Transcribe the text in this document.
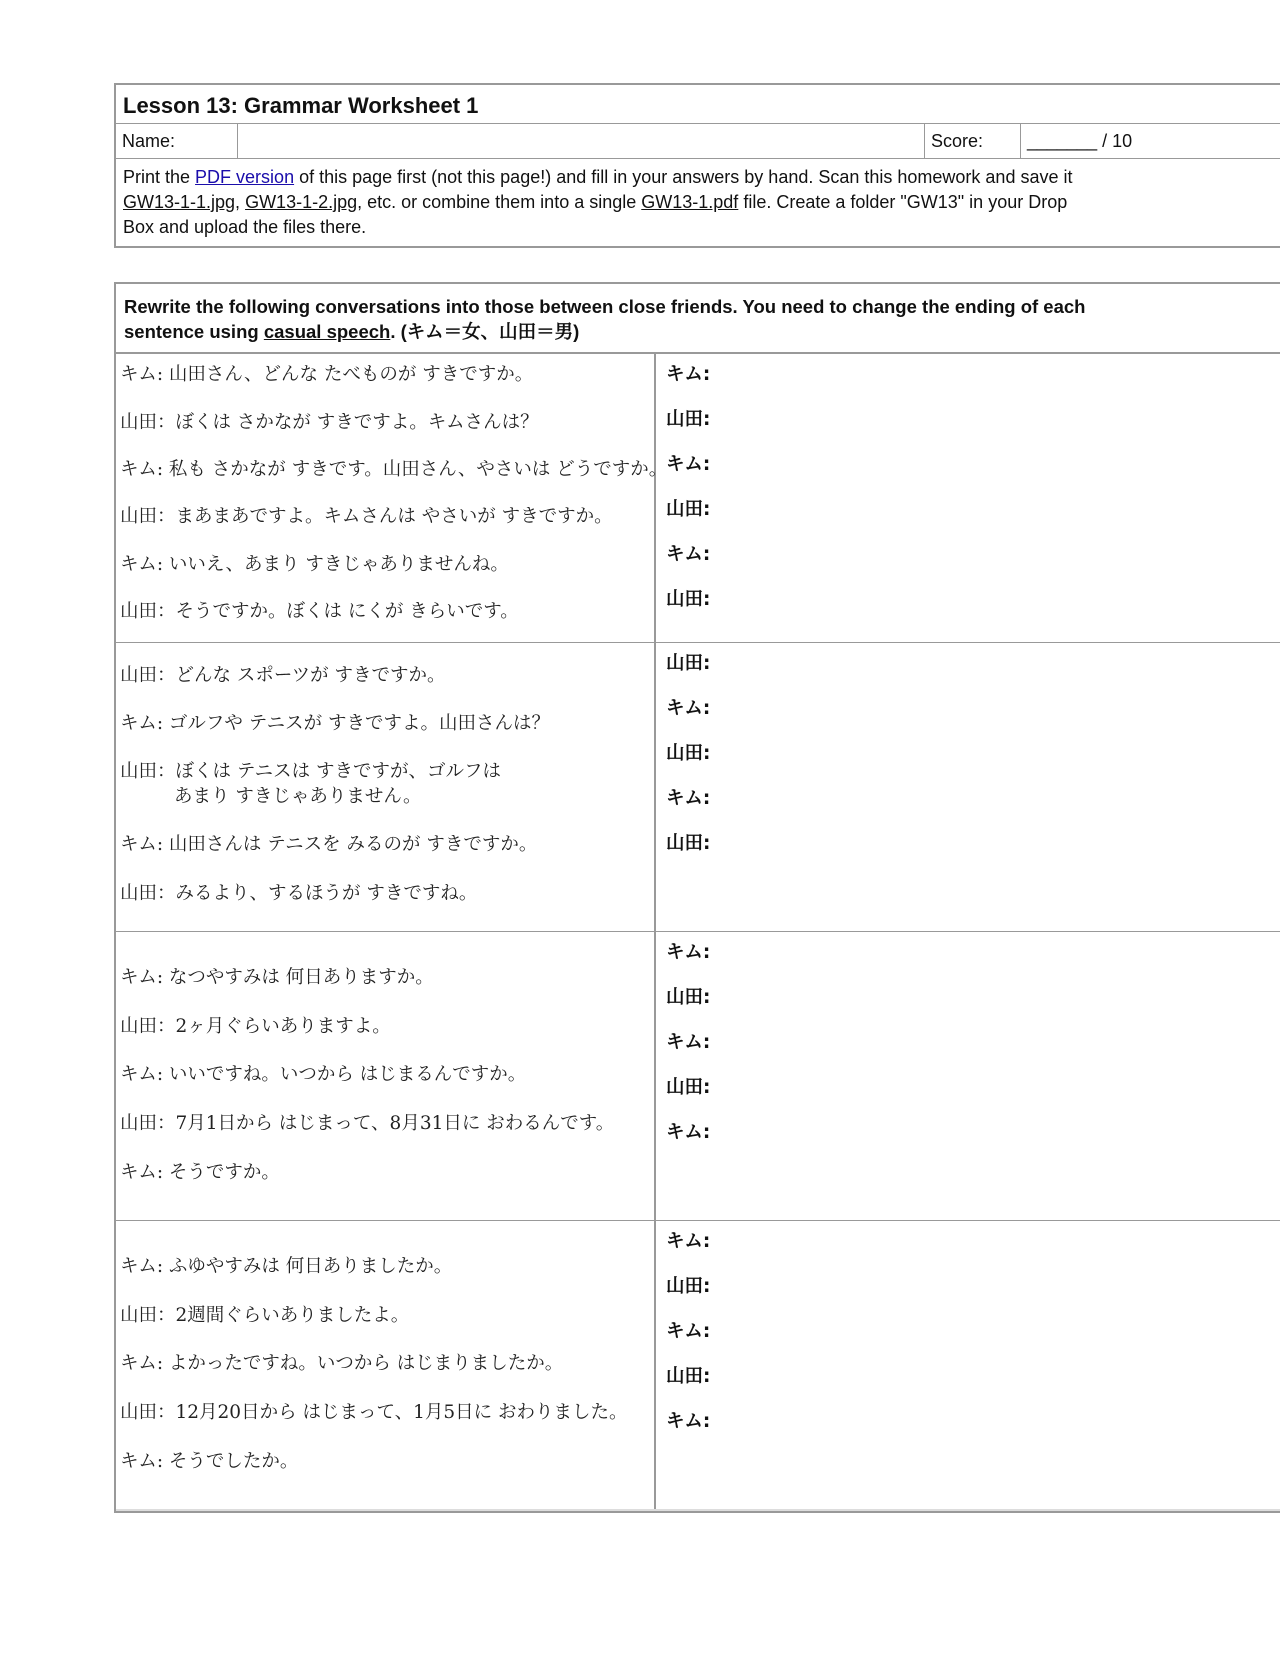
Lesson 13: Grammar Worksheet 1
Name:	Score:	_______ / 10
Print the PDF version of this page first (not this page!) and fill in your answers by hand. Scan this homework and save it
GW13-1-1.jpg, GW13-1-2.jpg, etc. or combine them into a single GW13-1.pdf file. Create a folder "GW13" in your Drop
Box and upload the files there.
Rewrite the following conversations into those between close friends. You need to change the ending of each
sentence using casual speech. (キム＝女、山田＝男)
キム: 山田さん、どんな たべものが すきですか。
山田：ぼくは さかなが すきですよ。キムさんは？
キム: 私も さかなが すきです。山田さん、やさいは どうですか。
山田：まあまあですよ。キムさんは やさいが すきですか。
キム: いいえ、あまり すきじゃありませんね。
山田：そうですか。ぼくは にくが きらいです。
キム:
山田:
キム:
山田:
キム:
山田:
山田：どんな スポーツが すきですか。
キム: ゴルフや テニスが すきですよ。山田さんは？
山田：ぼくは テニスは すきですが、ゴルフは
あまり すきじゃありません。
キム: 山田さんは テニスを みるのが すきですか。
山田：みるより、するほうが すきですね。
山田:
キム:
山田:
キム:
山田:
キム: なつやすみは 何日ありますか。
山田：2ヶ月ぐらいありますよ。
キム: いいですね。いつから はじまるんですか。
山田：7月1日から はじまって、8月31日に おわるんです。
キム: そうですか。
キム:
山田:
キム:
山田:
キム:
キム: ふゆやすみは 何日ありましたか。
山田：2週間ぐらいありましたよ。
キム: よかったですね。いつから はじまりましたか。
山田：12月20日から はじまって、1月5日に おわりました。
キム: そうでしたか。
キム:
山田:
キム:
山田:
キム:
